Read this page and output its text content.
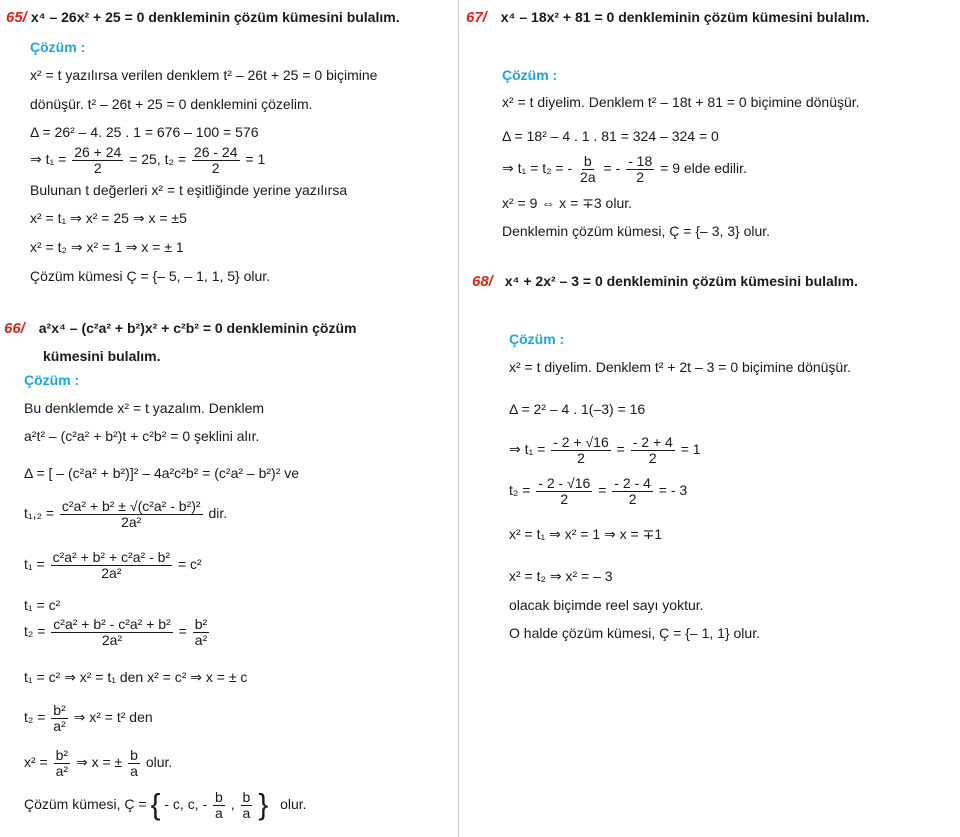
65/ x⁴ – 26x² + 25 = 0 denkleminin çözüm kümesini bulalım.
Çözüm :
x² = t yazılırsa verilen denklem t² – 26t + 25 = 0 biçimine
dönüşür. t² – 26t + 25 = 0 denklemini çözelim.
Δ = 26² – 4. 25 . 1 = 676 – 100 = 576
⇒ $t_1 = \frac{26 + 24}{2} = 25$, $t_2 = \frac{26 - 24}{2} = 1$
Bulunan t değerleri x² = t eşitliğinde yerine yazılırsa
x² = t₁ ⇒ x² = 25 ⇒ x = ±5
x² = t₂ ⇒ x² = 1 ⇒ x = ± 1
Çözüm kümesi Ç = {– 5, – 1, 1, 5} olur.
66/ a²x⁴ – (c²a² + b²)x² + c²b² = 0 denkleminin çözüm
kümesini bulalım.
Çözüm :
Bu denklemde x² = t yazalım. Denklem
a²t² – (c²a² + b²)t + c²b² = 0 şeklini alır.
Δ = [ – (c²a² + b²)]² – 4a²c²b² = (c²a² – b²)² ve
$t_1,_2 = \frac{\text{c²a² + b² ± √(c²a² - b²)²}}{\text{2a²}}$ dir.
$t_1 = \frac{\text{c²a² + b² + c²a² - b²}}{\text{2a²}} = c^2$
t₁ = c²
$t_2 = \frac{\text{c²a² + b² - c²a² + b²}}{\text{2a²}} = \frac{\text{b²}}{\text{a²}}$
t₁ = c² ⇒ x² = t₁ den x² = c² ⇒ x = ± c
$t_2 = \frac{\text{b²}}{\text{a²}}$ ⇒ x² = t² den
$x^2 = \frac{\text{b²}}{\text{a²}}$ ⇒ x = ± $\frac{b}{a}$ olur.
Çözüm kümesi, Ç = { - c, c, - $\frac{b}{a}$ , $\frac{b}{a}$ } olur.
67/ x⁴ – 18x² + 81 = 0 denkleminin çözüm kümesini bulalım.
Çözüm :
x² = t diyelim. Denklem t² – 18t + 81 = 0 biçimine dönüşür.
Δ = 18² – 4 . 1 . 81 = 324 – 324 = 0
⇒ t₁ = t₂ = - $\frac{b}{2a}$ = - $\frac{- 18}{2} = 9$ elde edilir.
x² = 9 ⇔ x = ∓3 olur.
Denklemin çözüm kümesi, Ç = {– 3, 3} olur.
68/ x⁴ + 2x² – 3 = 0 denkleminin çözüm kümesini bulalım.
Çözüm :
x² = t diyelim. Denklem t² + 2t – 3 = 0 biçimine dönüşür.
Δ = 2² – 4 . 1(–3) = 16
⇒ $t_1 = \frac{- 2 + √16}{2} = \frac{- 2 + 4}{2} = 1$
$t_2 = \frac{- 2 - √16}{2} = \frac{- 2 - 4}{2}$ = - 3
x² = t₁ ⇒ x² = 1 ⇒ x = ∓1
x² = t₂ ⇒ x² = – 3
olacak biçimde reel sayı yoktur.
O halde çözüm kümesi, Ç = {– 1, 1} olur.
